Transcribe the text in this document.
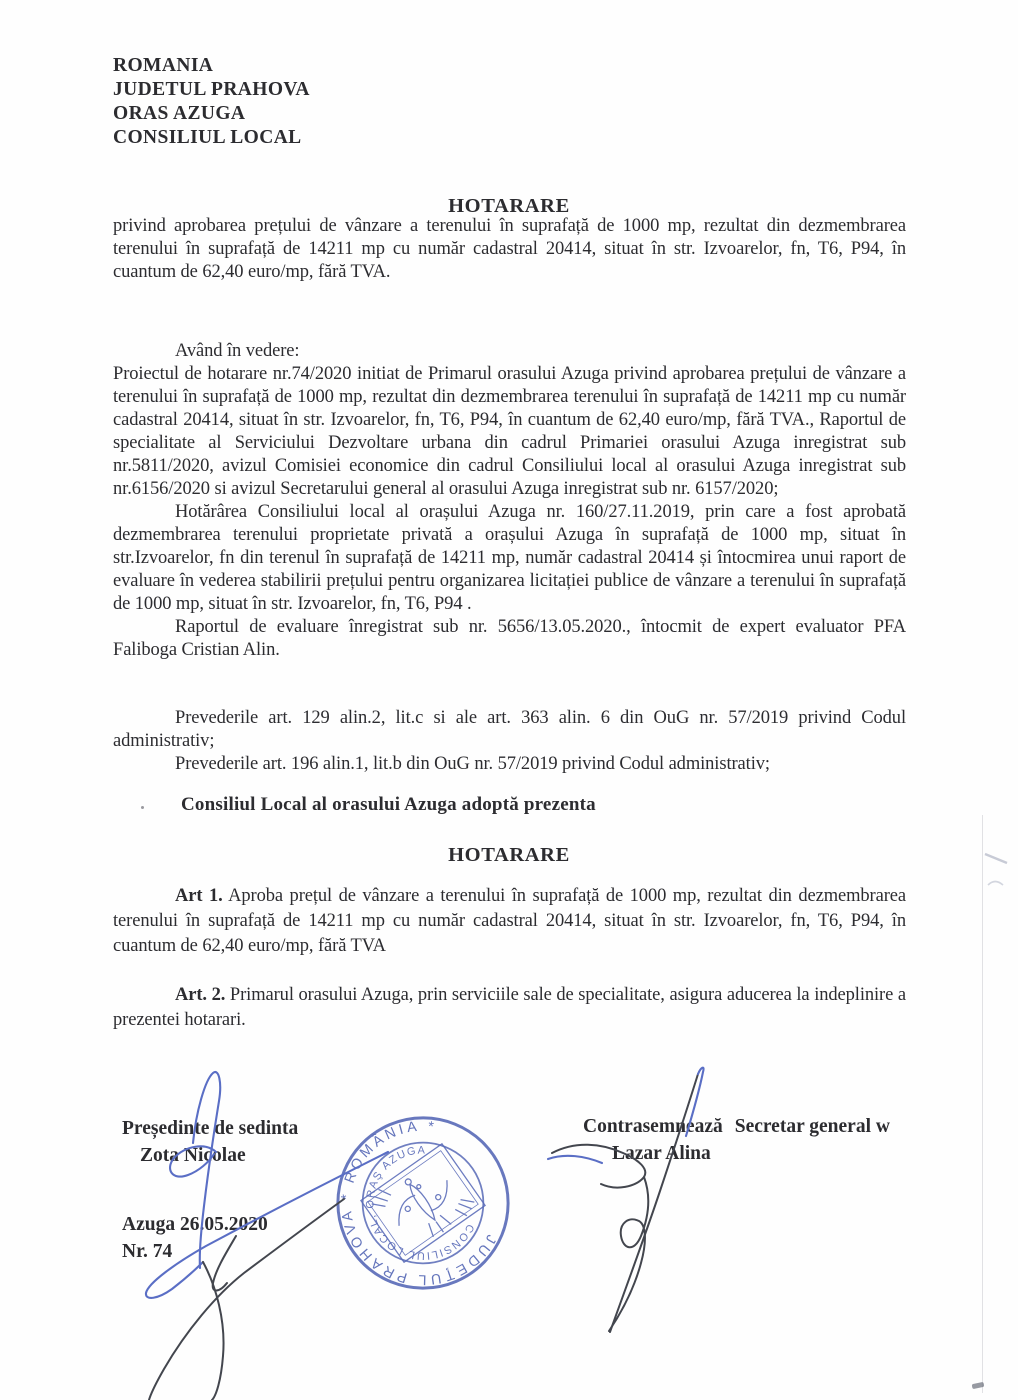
ROMANIA
JUDETUL PRAHOVA
ORAS AZUGA
CONSILIUL LOCAL
HOTARARE

privind aprobarea prețului de vânzare a terenului în suprafață de 1000 mp, rezultat din dezmembrarea terenului în suprafață de 14211 mp cu număr cadastral 20414, situat în str. Izvoarelor, fn, T6, P94, în cuantum de 62,40 euro/mp, fără TVA.

Având în vedere:

Proiectul de hotarare nr.74/2020 initiat de Primarul orasului Azuga privind aprobarea prețului de vânzare a terenului în suprafață de 1000 mp, rezultat din dezmembrarea terenului în suprafață de 14211 mp cu număr cadastral 20414, situat în str. Izvoarelor, fn, T6, P94, în cuantum de 62,40 euro/mp, fără TVA., Raportul de specialitate al Serviciului Dezvoltare urbana din cadrul Primariei orasului Azuga inregistrat sub nr.5811/2020, avizul Comisiei economice din cadrul Consiliului local al orasului Azuga inregistrat sub nr.6156/2020 si avizul Secretarului general al orasului Azuga inregistrat sub nr. 6157/2020;

Hotărârea Consiliului local al orașului Azuga nr. 160/27.11.2019, prin care a fost aprobată dezmembrarea terenului proprietate privată a orașului Azuga în suprafață de 1000 mp, situat în str.Izvoarelor, fn din terenul în suprafață de 14211 mp, număr cadastral 20414 și întocmirea unui raport de evaluare în vederea stabilirii prețului pentru organizarea licitației publice de vânzare a terenului în suprafață de 1000 mp, situat în str. Izvoarelor, fn, T6, P94 .

Raportul de evaluare înregistrat sub nr. 5656/13.05.2020., întocmit de expert evaluator PFA Faliboga Cristian Alin.

Prevederile art. 129 alin.2, lit.c si ale art. 363 alin. 6 din OuG nr. 57/2019 privind Codul administrativ;

Prevederile art. 196 alin.1, lit.b din OuG nr. 57/2019 privind Codul administrativ;

Consiliul Local al orasului Azuga adoptă prezenta
HOTARARE

Art 1. Aproba prețul de vânzare a terenului în suprafață de 1000 mp, rezultat din dezmembrarea terenului în suprafață de 14211 mp cu număr cadastral 20414, situat în str. Izvoarelor, fn, T6, P94, în cuantum de 62,40 euro/mp, fără TVA

Art. 2. Primarul orasului Azuga, prin serviciile sale de specialitate, asigura aducerea la indeplinire a prezentei hotarari.

Președinte de sedinta
Zota Nicolae
Azuga 26.05.2020
Nr. 74
Contrasemnează Secretar general w
Lazar Alina
JUDEŢUL PRAHOVA * ROMÂNIA *
CONSILIUL LOCAL, ORAŞ AZUGA
